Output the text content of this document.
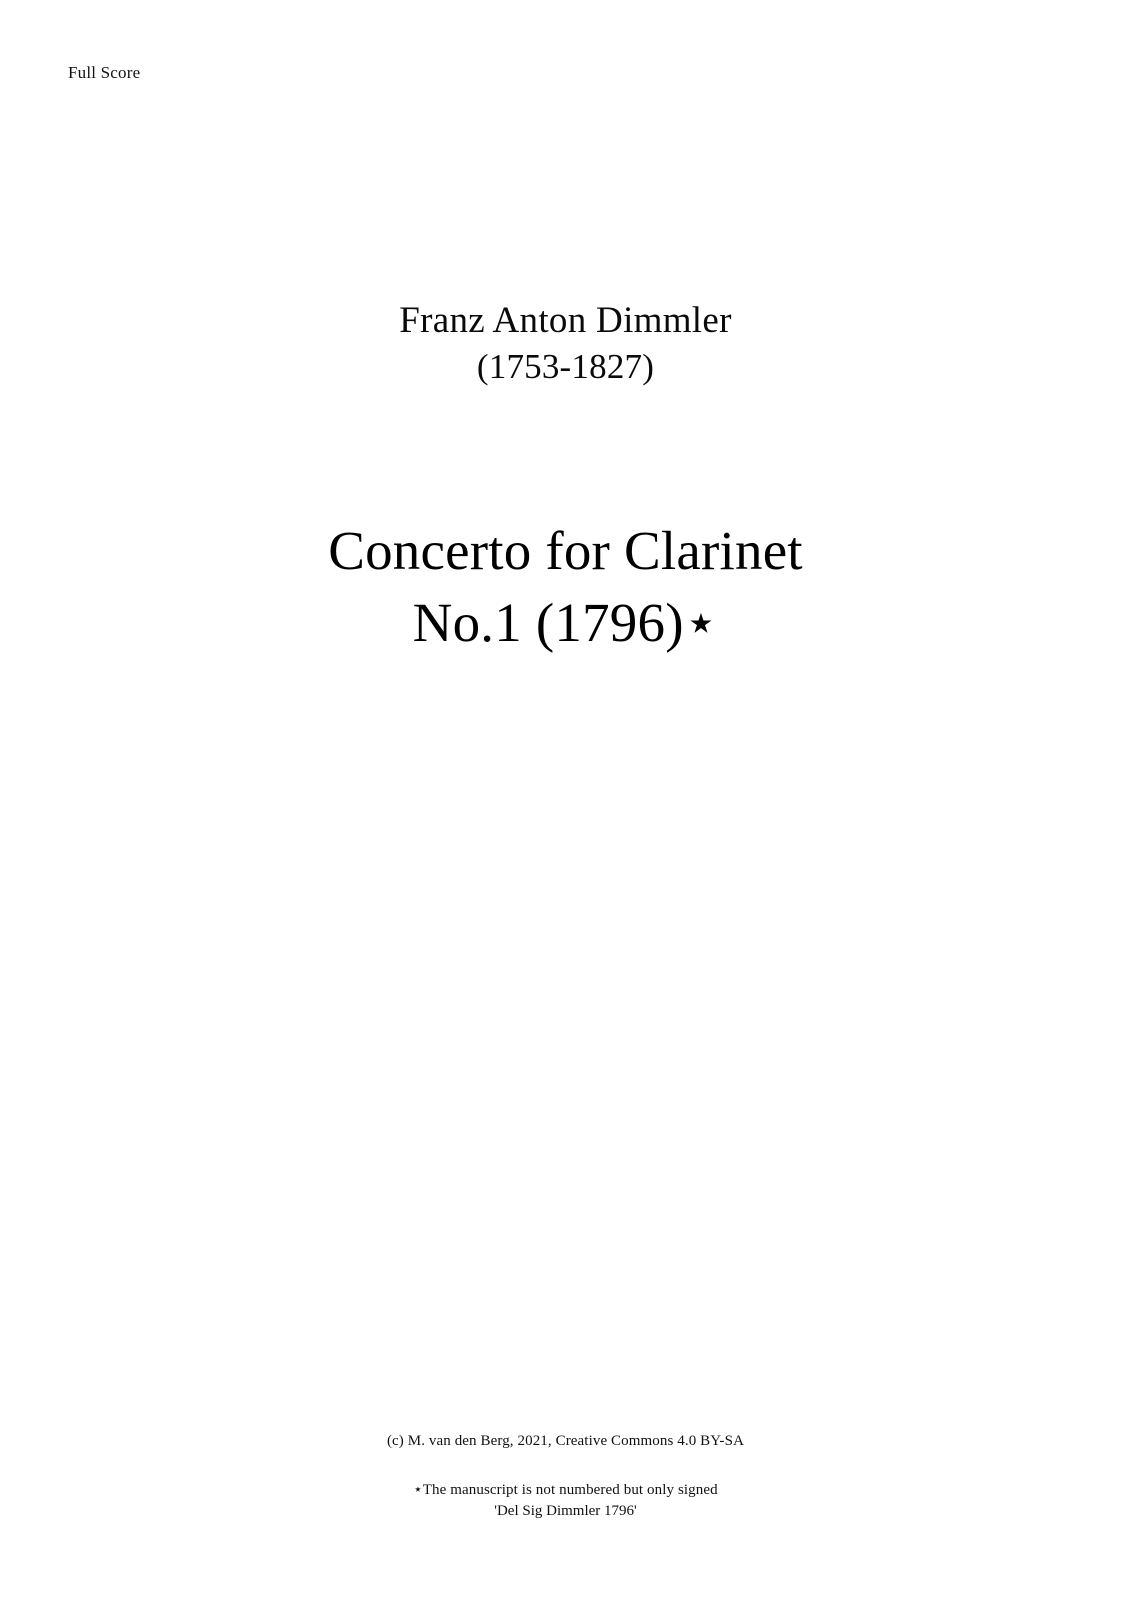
Full Score
Franz Anton Dimmler
(1753-1827)
Concerto for Clarinet
No.1 (1796)⋆
(c) M. van den Berg, 2021, Creative Commons 4.0 BY-SA
⋆The manuscript is not numbered but only signed
'Del Sig Dimmler 1796'
